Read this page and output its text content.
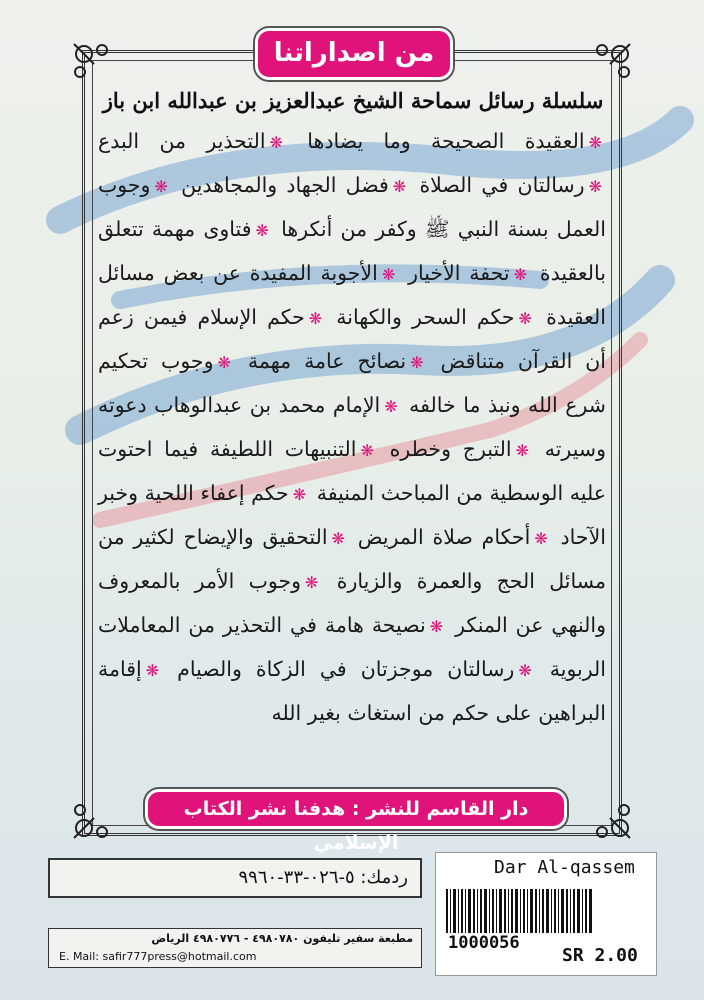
من اصداراتنا
سلسلة رسائل سماحة الشيخ عبدالعزيز بن عبدالله ابن باز
❋العقيدة الصحيحة وما يضادها ❋التحذير من البدع ❋رسالتان في الصلاة ❋فضل الجهاد والمجاهدين ❋وجوب العمل بسنة النبي ﷺ وكفر من أنكرها ❋فتاوى مهمة تتعلق بالعقيدة ❋تحفة الأخيار ❋الأجوبة المفيدة عن بعض مسائل العقيدة ❋حكم السحر والكهانة ❋حكم الإسلام فيمن زعم أن القرآن متناقض ❋نصائح عامة مهمة ❋وجوب تحكيم شرع الله ونبذ ما خالفه ❋الإمام محمد بن عبدالوهاب دعوته وسيرته ❋التبرج وخطره ❋التنبيهات اللطيفة فيما احتوت عليه الوسطية من المباحث المنيفة ❋حكم إعفاء اللحية وخبر الآحاد ❋أحكام صلاة المريض ❋التحقيق والإيضاح لكثير من مسائل الحج والعمرة والزيارة ❋وجوب الأمر بالمعروف والنهي عن المنكر ❋نصيحة هامة في التحذير من المعاملات الربوية ❋رسالتان موجزتان في الزكاة والصيام ❋إقامة البراهين على حكم من استغاث بغير الله
دار القاسم للنشر : هدفنا نشر الكتاب الإسلامي
ردمك: ٥-٠٢٦-٣٣-٩٩٦٠
مطبعة سفير تليفون ٤٩٨٠٧٨٠ - ٤٩٨٠٧٧٦ الرياض
E. Mail: safir777press@hotmail.com
Dar Al-qassem
1000056
SR 2.00
